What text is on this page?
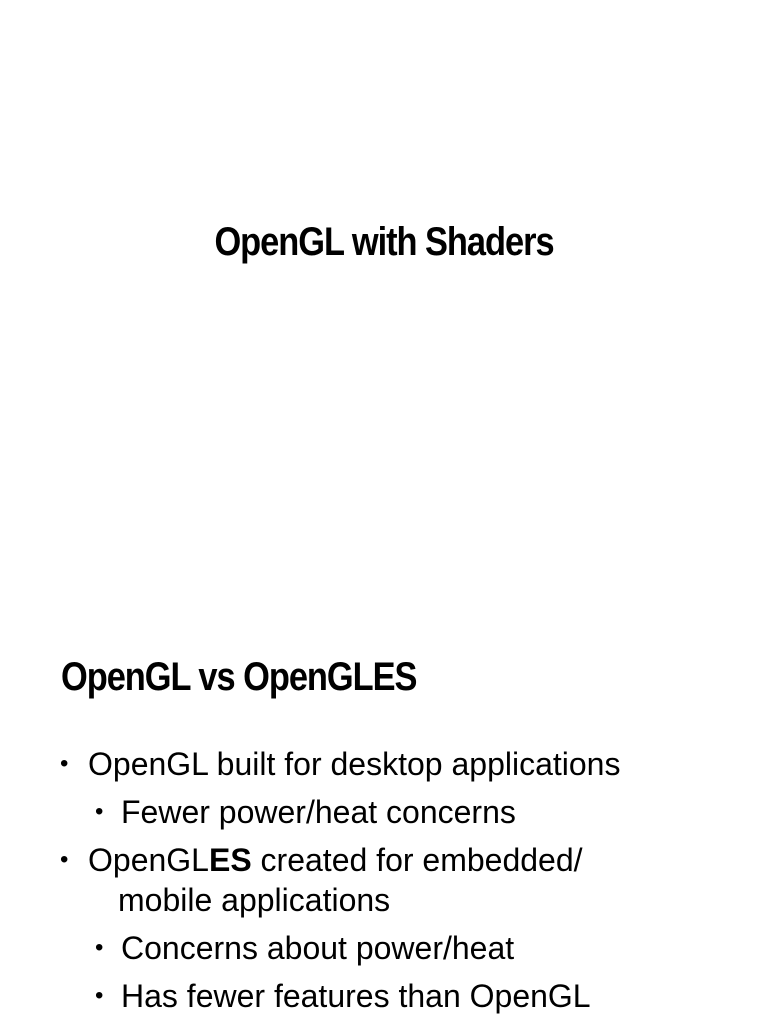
OpenGL with Shaders
OpenGL vs OpenGLES
• OpenGL built for desktop applications
• Fewer power/heat concerns
• OpenGLES created for embedded/
mobile applications
• Concerns about power/heat
• Has fewer features than OpenGL
